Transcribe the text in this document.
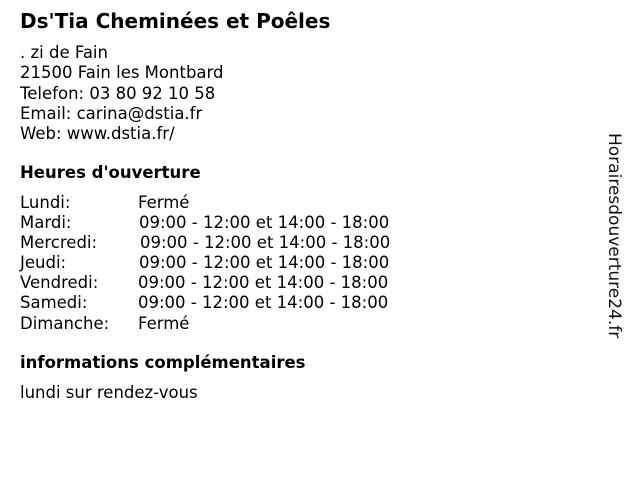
Ds'Tia Cheminées et Poêles
. zi de Fain
21500 Fain les Montbard
Telefon: 03 80 92 10 58
Email: carina@dstia.fr
Web: www.dstia.fr/
Heures d'ouverture
Lundi:	Fermé
Mardi:	09:00 - 12:00 et 14:00 - 18:00
Mercredi:	09:00 - 12:00 et 14:00 - 18:00
Jeudi:	09:00 - 12:00 et 14:00 - 18:00
Vendredi: 09:00 - 12:00 et 14:00 - 18:00
Samedi:	09:00 - 12:00 et 14:00 - 18:00
Dimanche: Fermé
informations complémentaires
lundi sur rendez-vous
Horairesdouverture24.fr
